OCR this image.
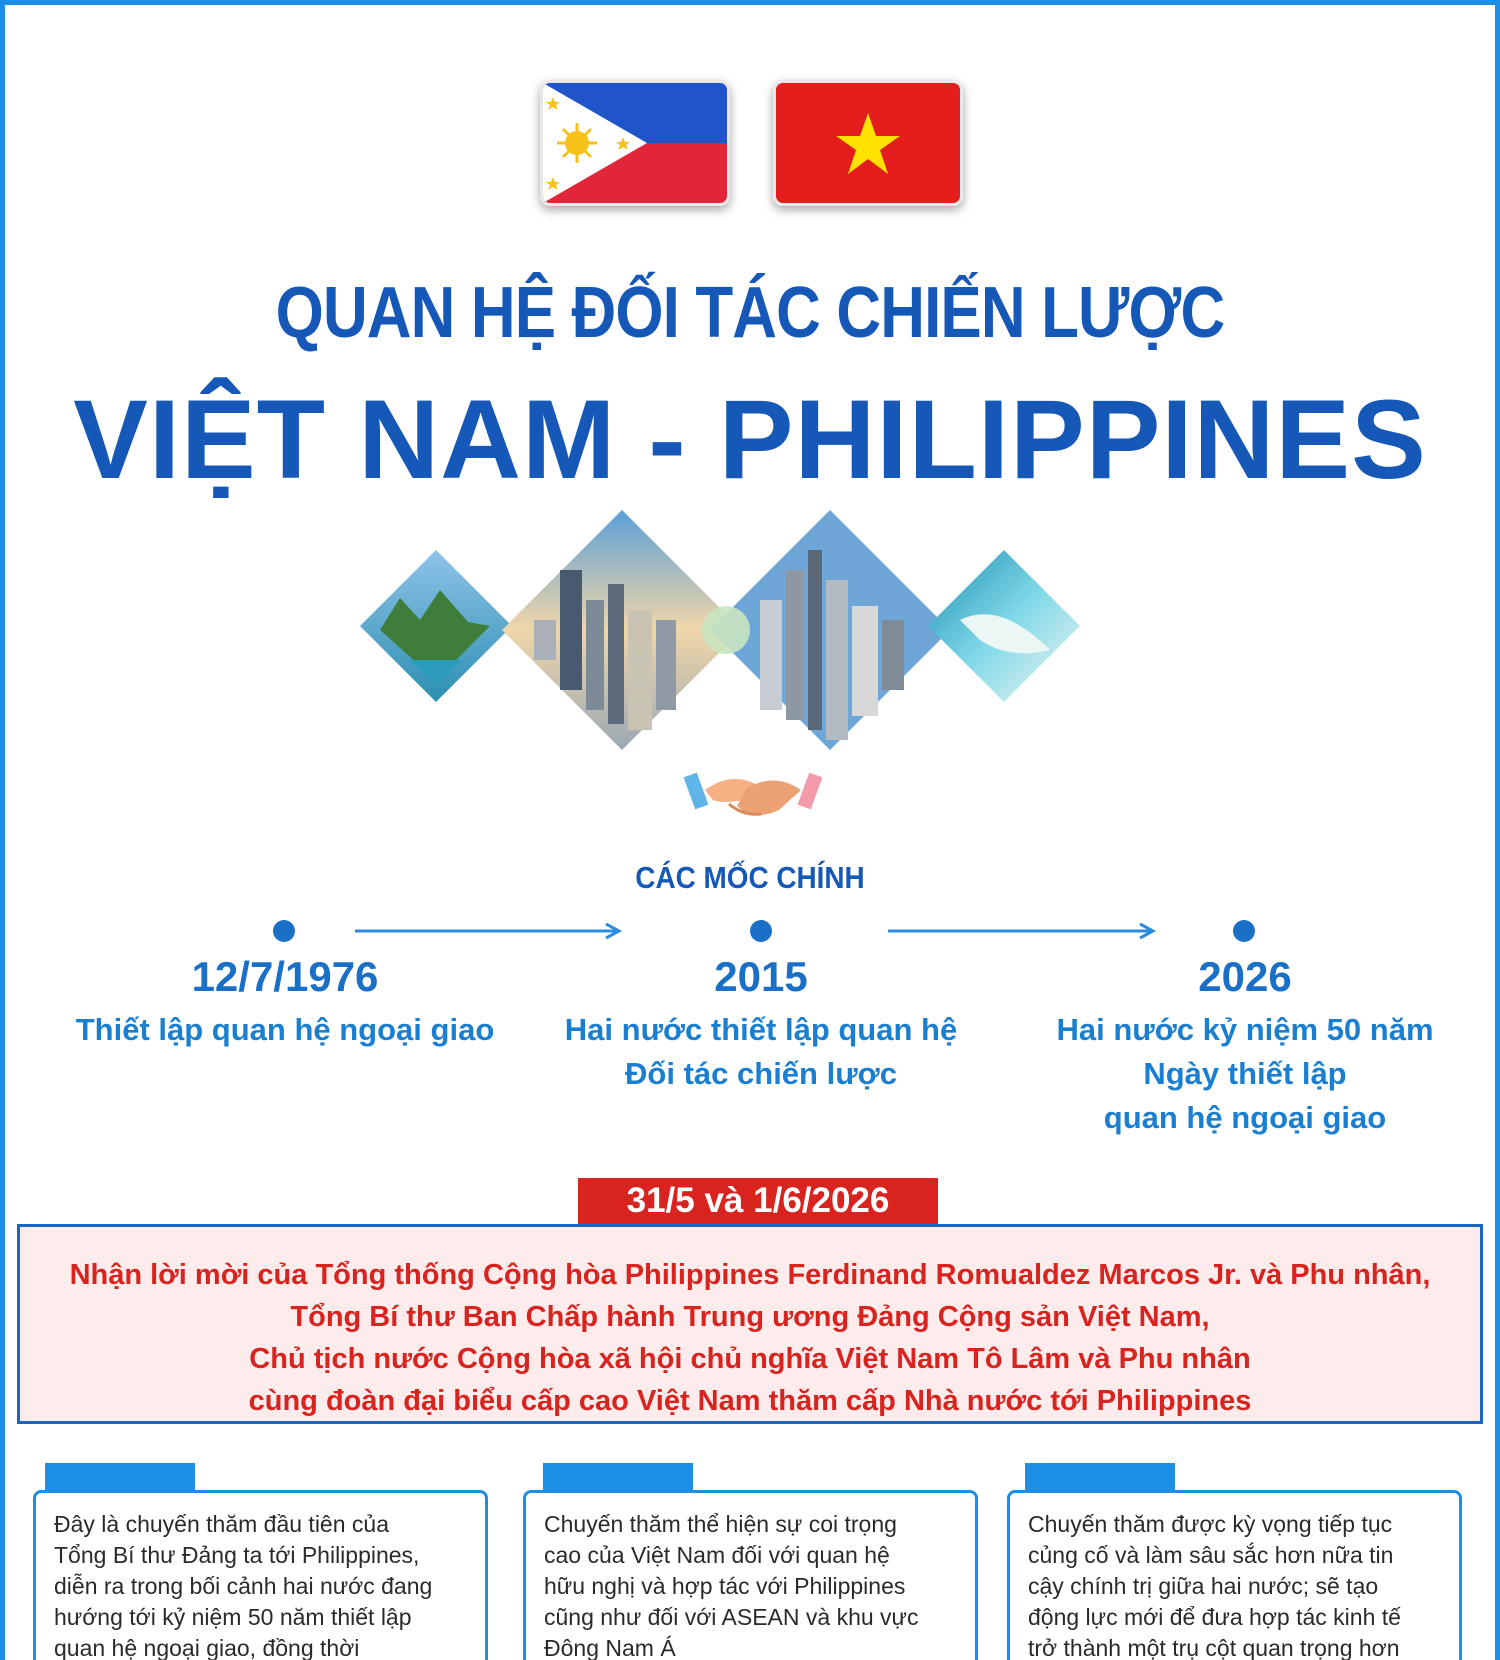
QUAN HỆ ĐỐI TÁC CHIẾN LƯỢC
VIỆT NAM - PHILIPPINES
CÁC MỐC CHÍNH
12/7/1976
Thiết lập quan hệ ngoại giao
2015
Hai nước thiết lập quan hệ
Đối tác chiến lược
2026
Hai nước kỷ niệm 50 năm
Ngày thiết lập
quan hệ ngoại giao
31/5 và 1/6/2026

Nhận lời mời của Tổng thống Cộng hòa Philippines Ferdinand Romualdez Marcos Jr. và Phu nhân,
Tổng Bí thư Ban Chấp hành Trung ương Đảng Cộng sản Việt Nam,
Chủ tịch nước Cộng hòa xã hội chủ nghĩa Việt Nam Tô Lâm và Phu nhân
cùng đoàn đại biểu cấp cao Việt Nam thăm cấp Nhà nước tới Philippines

Đây là chuyến thăm đầu tiên của
Tổng Bí thư Đảng ta tới Philippines,
diễn ra trong bối cảnh hai nước đang
hướng tới kỷ niệm 50 năm thiết lập
quan hệ ngoại giao, đồng thời

Chuyến thăm thể hiện sự coi trọng
cao của Việt Nam đối với quan hệ
hữu nghị và hợp tác với Philippines
cũng như đối với ASEAN và khu vực
Đông Nam Á

Chuyến thăm được kỳ vọng tiếp tục
củng cố và làm sâu sắc hơn nữa tin
cậy chính trị giữa hai nước; sẽ tạo
động lực mới để đưa hợp tác kinh tế
trở thành một trụ cột quan trọng hơn
